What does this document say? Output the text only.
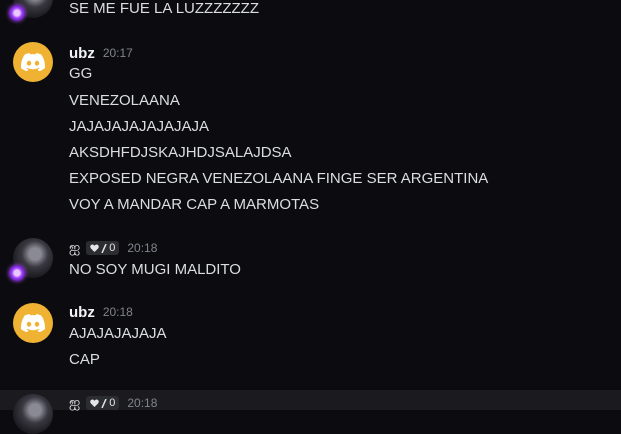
SE ME FUE LA LUZZZZZZZ
ubz 20:17
GG
VENEZOLAANA
JAJAJAJAJAJAJAJA
AKSDHFDJSKAJHDJSALAJDSA
EXPOSED NEGRA VENEZOLAANA FINGE SER ARGENTINA
VOY A MANDAR CAP A MARMOTAS
ஐ	0 20:18
NO SOY MUGI MALDITO
ubz 20:18
AJAJAJAJAJA
CAP
ஐ	0 20:18
